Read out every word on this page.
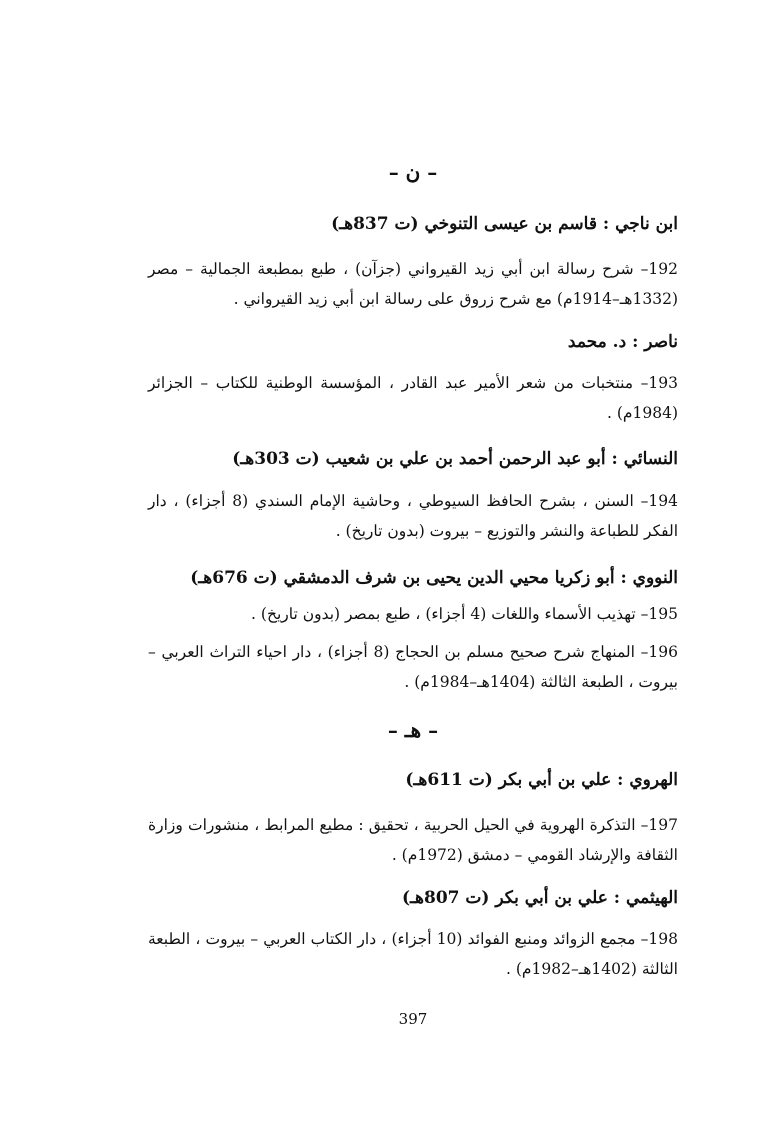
– ن –
ابن ناجي : قاسم بن عيسى التنوخي (ت 837هـ)
192– شرح رسالة ابن أبي زيد القيرواني (جزآن) ، طبع بمطبعة الجمالية – مصر (1332هـ–1914م) مع شرح زروق على رسالة ابن أبي زيد القيرواني .
ناصر : د. محمد
193– منتخبات من شعر الأمير عبد القادر ، المؤسسة الوطنية للكتاب – الجزائر (1984م) .
النسائي : أبو عبد الرحمن أحمد بن علي بن شعيب (ت 303هـ)
194– السنن ، بشرح الحافظ السيوطي ، وحاشية الإمام السندي (8 أجزاء) ، دار الفكر للطباعة والنشر والتوزيع – بيروت (بدون تاريخ) .
النووي : أبو زكريا محيي الدين يحيى بن شرف الدمشقي (ت 676هـ)
195– تهذيب الأسماء واللغات (4 أجزاء) ، طبع بمصر (بدون تاريخ) .
196– المنهاج شرح صحيح مسلم بن الحجاج (8 أجزاء) ، دار احياء التراث العربي – بيروت ، الطبعة الثالثة (1404هـ–1984م) .
– هـ –
الهروي : علي بن أبي بكر (ت 611هـ)
197– التذكرة الهروية في الحيل الحربية ، تحقيق : مطيع المرابط ، منشورات وزارة الثقافة والإرشاد القومي – دمشق (1972م) .
الهيثمي : علي بن أبي بكر (ت 807هـ)
198– مجمع الزوائد ومنبع الفوائد (10 أجزاء) ، دار الكتاب العربي – بيروت ، الطبعة الثالثة (1402هـ–1982م) .
397
